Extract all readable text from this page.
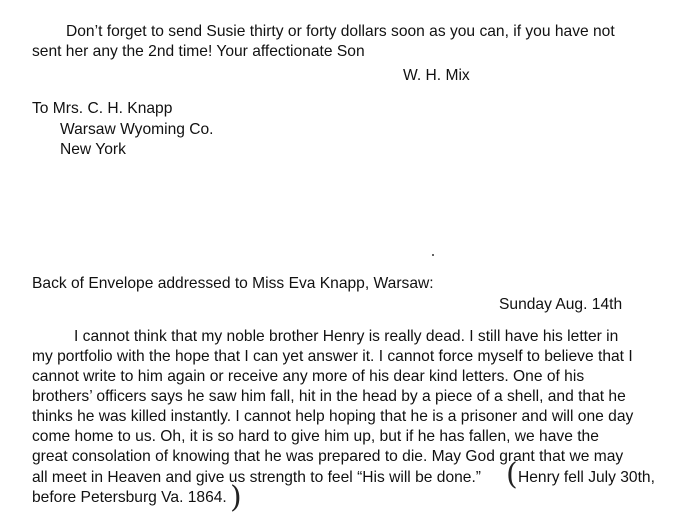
Don’t forget to send Susie thirty or forty dollars soon as you can, if you have not
sent her any the 2nd time! Your affectionate Son
W. H. Mix
To Mrs. C. H. Knapp
Warsaw Wyoming Co.
New York
Back of Envelope addressed to Miss Eva Knapp, Warsaw:
Sunday Aug. 14th
I cannot think that my noble brother Henry is really dead. I still have his letter in
my portfolio with the hope that I can yet answer it. I cannot force myself to believe that I
cannot write to him again or receive any more of his dear kind letters. One of his
brothers’ officers says he saw him fall, hit in the head by a piece of a shell, and that he
thinks he was killed instantly. I cannot help hoping that he is a prisoner and will one day
come home to us. Oh, it is so hard to give him up, but if he has fallen, we have the
great consolation of knowing that he was prepared to die. May God grant that we may
all meet in Heaven and give us strength to feel “His will be done.”
before Petersburg Va. 1864.
( Henry fell July 30th,
)
